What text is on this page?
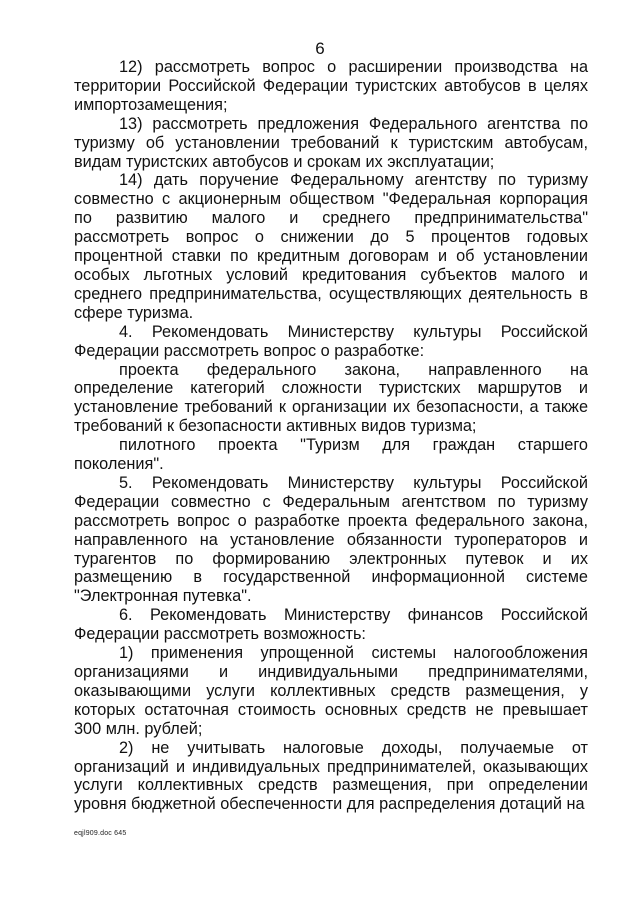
6

12) рассмотреть вопрос о расширении производства на территории Российской Федерации туристских автобусов в целях импортозамещения;

13) рассмотреть предложения Федерального агентства по туризму об установлении требований к туристским автобусам, видам туристских автобусов и срокам их эксплуатации;

14) дать поручение Федеральному агентству по туризму совместно с акционерным обществом "Федеральная корпорация по развитию малого и среднего предпринимательства" рассмотреть вопрос о снижении до 5 процентов годовых процентной ставки по кредитным договорам и об установлении особых льготных условий кредитования субъектов малого и среднего предпринимательства, осуществляющих деятельность в сфере туризма.

4. Рекомендовать Министерству культуры Российской Федерации рассмотреть вопрос о разработке:

проекта федерального закона, направленного на определение категорий сложности туристских маршрутов и установление требований к организации их безопасности, а также требований к безопасности активных видов туризма;

пилотного проекта "Туризм для граждан старшего поколения".

5. Рекомендовать Министерству культуры Российской Федерации совместно с Федеральным агентством по туризму рассмотреть вопрос о разработке проекта федерального закона, направленного на установление обязанности туроператоров и турагентов по формированию электронных путевок и их размещению в государственной информационной системе "Электронная путевка".

6. Рекомендовать Министерству финансов Российской Федерации рассмотреть возможность:

1) применения упрощенной системы налогообложения организациями и индивидуальными предпринимателями, оказывающими услуги коллективных средств размещения, у которых остаточная стоимость основных средств не превышает 300 млн. рублей;

2) не учитывать налоговые доходы, получаемые от организаций и индивидуальных предпринимателей, оказывающих услуги коллективных средств размещения, при определении уровня бюджетной обеспеченности для распределения дотаций на

eqjl909.doc 645
